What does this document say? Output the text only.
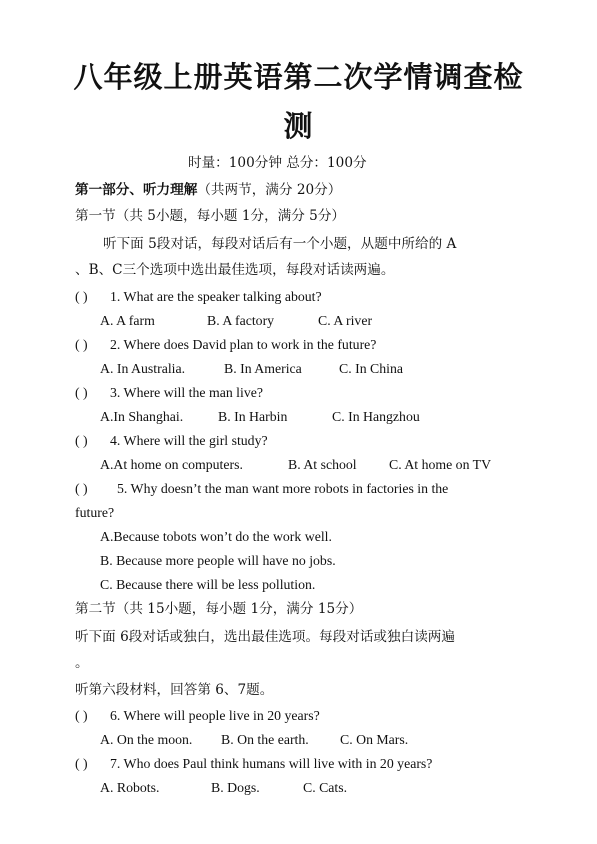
八年级上册英语第二次学情调查检
测

时量：100分钟 总分：100分

第一部分、听力理解（共两节，满分 20分）

第一节（共 5小题，每小题 1分，满分 5分）

听下面 5段对话，每段对话后有一个小题，从题中所给的 A

、B、C三个选项中选出最佳选项，每段对话读两遍。

( ) 1. What are the speaker talking about?
A. A farm	B. A factory	C. A river
( ) 2. Where does David plan to work in the future?
A. In Australia.	B. In America	C. In China
( ) 3. Where will the man live?
A.In Shanghai.	B. In Harbin	C. In Hangzhou
( ) 4. Where will the girl study?
A.At home on computers.	B. At school C. At home on TV
( ) 5. Why doesn’t the man want more robots in factories in the
future?
A.Because tobots won’t do the work well.
B. Because more people will have no jobs.
C. Because there will be less pollution.

第二节（共 15小题，每小题 1分，满分 15分）

听下面 6段对话或独白，选出最佳选项。每段对话或独白读两遍

。

听第六段材料，回答第 6、7题。

( ) 6. Where will people live in 20 years?
A. On the moon. B. On the earth. C. On Mars.
( ) 7. Who does Paul think humans will live with in 20 years?
A. Robots.	B. Dogs.	C. Cats.
